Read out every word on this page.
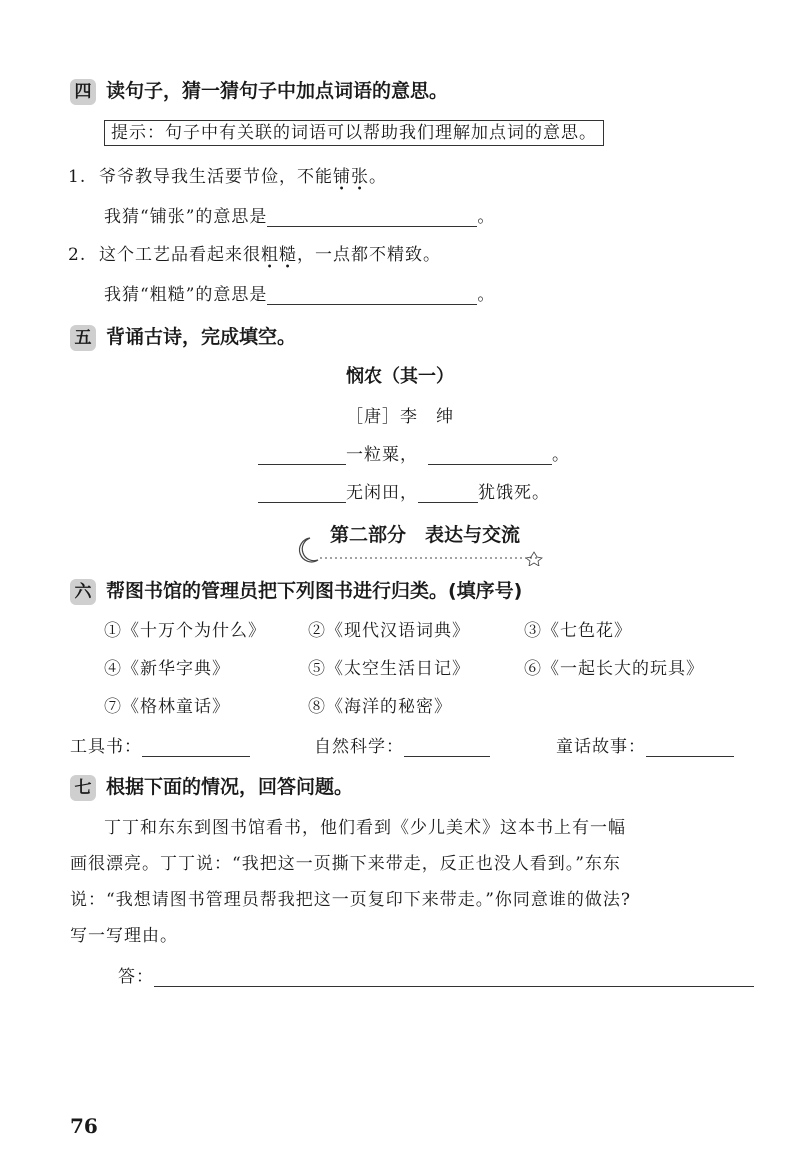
四 读句子，猜一猜句子中加点词语的意思。
提示：句子中有关联的词语可以帮助我们理解加点词的意思。
1. 爷爷教导我生活要节俭，不能铺
•
张
•
。
我猜“铺张”的意思是	。
2. 这个工艺品看起来很粗
•
糙
•
，一点都不精致。
我猜“粗糙”的意思是	。
五 背诵古诗，完成填空。
悯农（其一）
［唐］李　绅
一粒粟，	。
无闲田，	犹饿死。
第二部分　表达与交流
六 帮图书馆的管理员把下列图书进行归类。(填序号)
①《十万个为什么》 ②《现代汉语词典》	③《七色花》
④《新华字典》	⑤《太空生活日记》	⑥《一起长大的玩具》
⑦《格林童话》	⑧《海洋的秘密》
工具书：	自然科学：	童话故事：
七 根据下面的情况，回答问题。
丁丁和东东到图书馆看书，他们看到《少儿美术》这本书上有一幅
画很漂亮。丁丁说：“我把这一页撕下来带走，反正也没人看到。”东东
说：“我想请图书管理员帮我把这一页复印下来带走。”你同意谁的做法?
写一写理由。
答：
76
